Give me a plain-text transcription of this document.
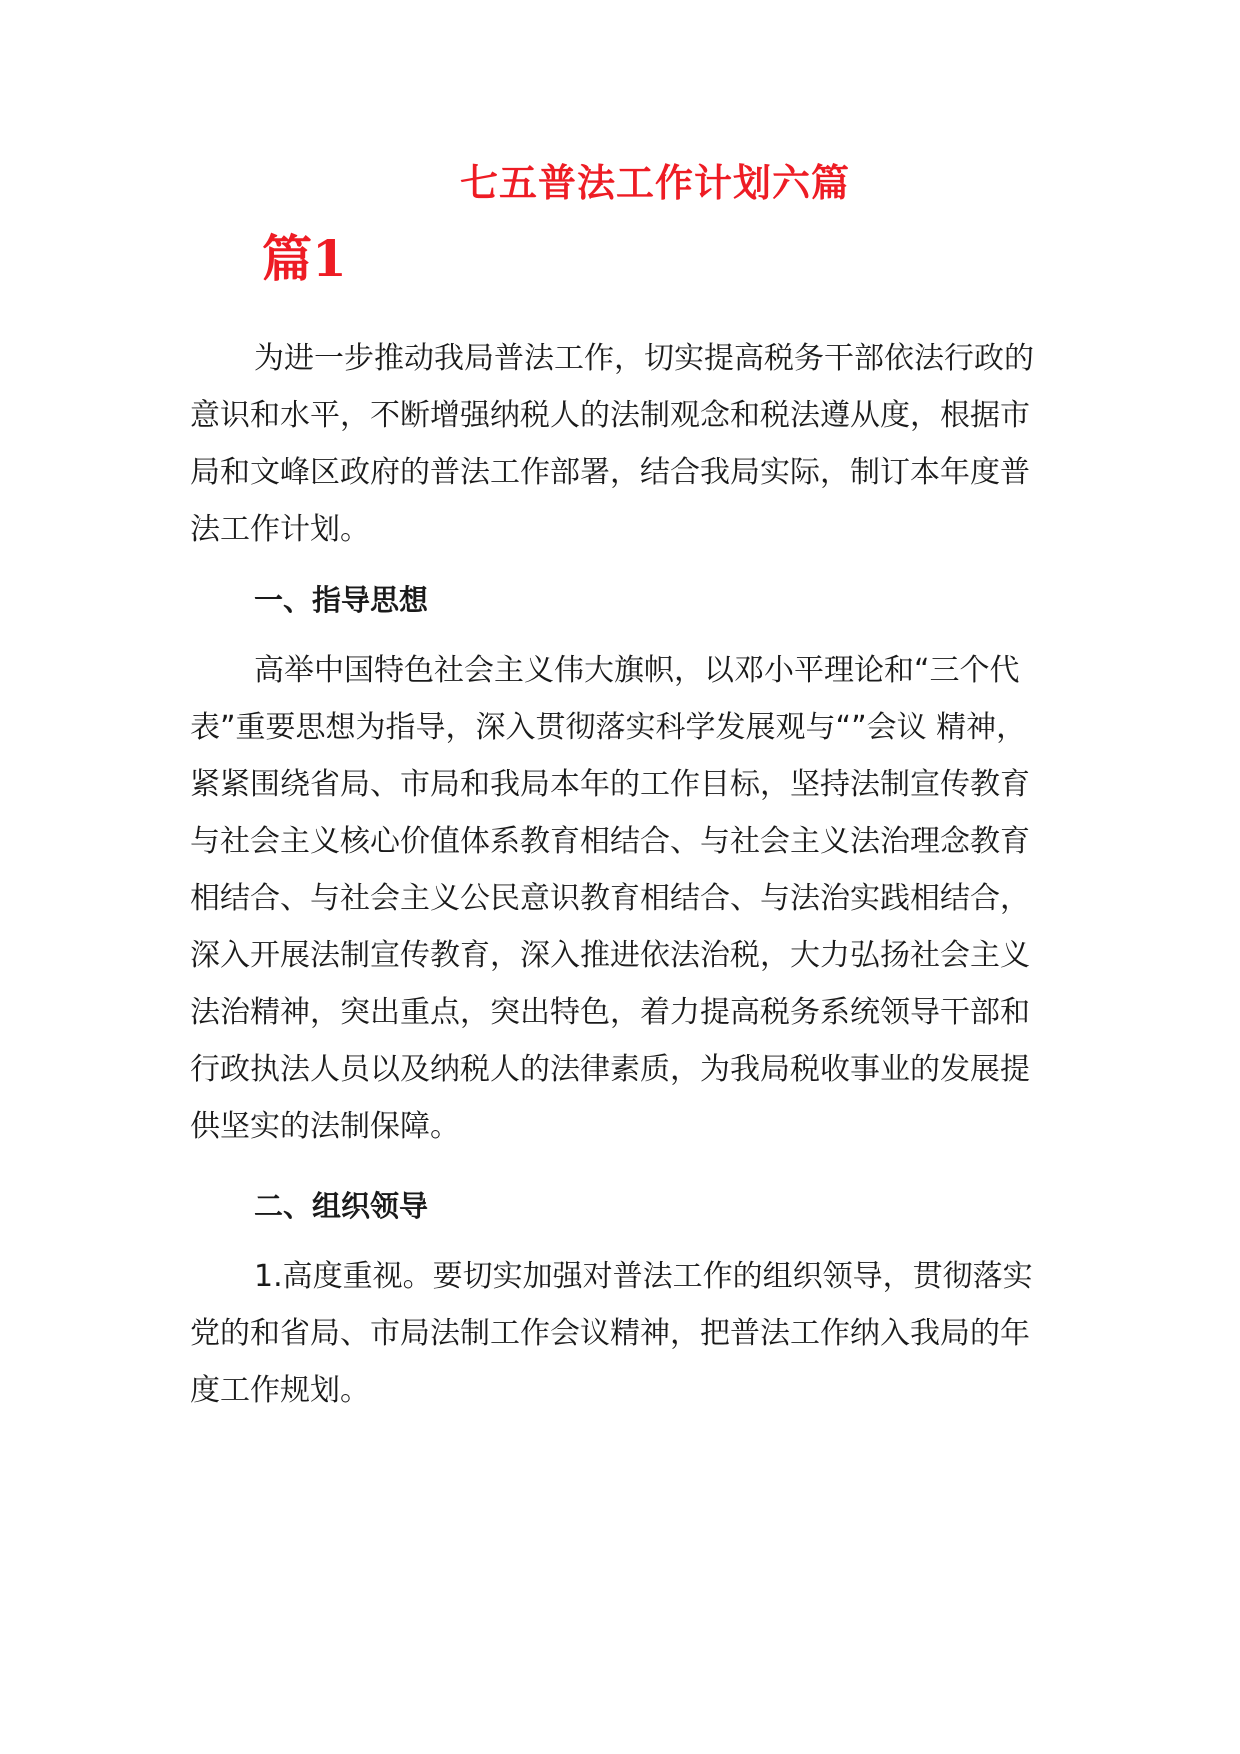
七五普法工作计划六篇
篇1

为进一步推动我局普法工作，切实提高税务干部依法行政的意识和水平，不断增强纳税人的法制观念和税法遵从度，根据市局和文峰区政府的普法工作部署，结合我局实际，制订本年度普法工作计划。

一、指导思想

高举中国特色社会主义伟大旗帜，以邓小平理论和“三个代表”重要思想为指导，深入贯彻落实科学发展观与“”会议 精神，紧紧围绕省局、市局和我局本年的工作目标，坚持法制宣传教育与社会主义核心价值体系教育相结合、与社会主义法治理念教育相结合、与社会主义公民意识教育相结合、与法治实践相结合，深入开展法制宣传教育，深入推进依法治税，大力弘扬社会主义法治精神，突出重点，突出特色，着力提高税务系统领导干部和行政执法人员以及纳税人的法律素质，为我局税收事业的发展提供坚实的法制保障。

二、组织领导

1.高度重视。要切实加强对普法工作的组织领导，贯彻落实党的和省局、市局法制工作会议精神，把普法工作纳入我局的年度工作规划。
